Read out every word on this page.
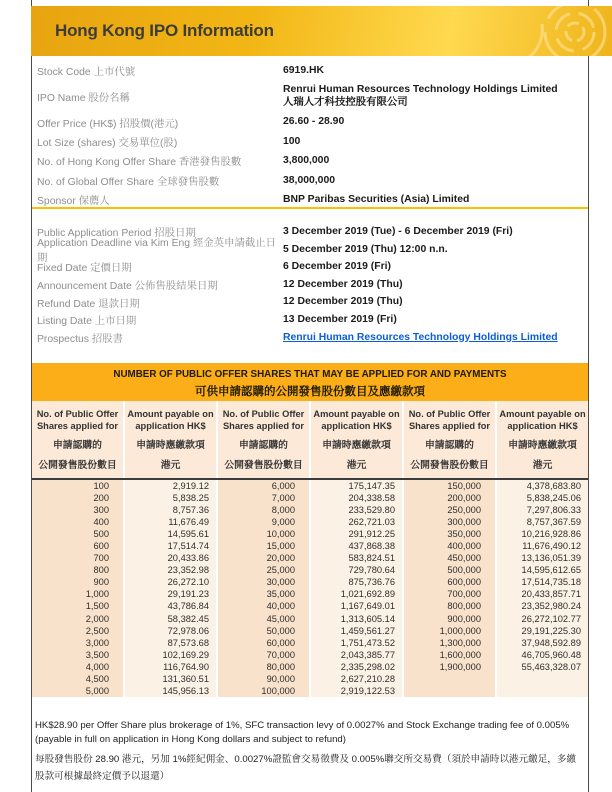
Hong Kong IPO Information
Stock Code 上市代號	6919.HK
IPO Name 股份名稱
Renrui Human Resources Technology Holdings Limited
人瑞人才科技控股有限公司
Offer Price (HK$) 招股價(港元)	26.60 - 28.90
Lot Size (shares) 交易單位(股)	100
No. of Hong Kong Offer Share 香港發售股數	3,800,000
No. of Global Offer Share 全球發售股數	38,000,000
Sponsor 保薦人	BNP Paribas Securities (Asia) Limited
Public Application Period 招股日期	3 December 2019 (Tue) - 6 December 2019 (Fri)
Application Deadline via Kim Eng 經金英申請截止日期
5 December 2019 (Thu) 12:00 n.n.
Fixed Date 定價日期	6 December 2019 (Fri)
Announcement Date 公佈售股結果日期	12 December 2019 (Thu)
Refund Date 退款日期	12 December 2019 (Thu)
Listing Date 上市日期	13 December 2019 (Fri)
Prospectus 招股書	Renrui Human Resources Technology Holdings Limited
NUMBER OF PUBLIC OFFER SHARES THAT MAY BE APPLIED FOR AND PAYMENTS
可供申請認購的公開發售股份數目及應繳款項
No. of Public Offer
Shares applied for
申請認購的
公開發售股份數目
Amount payable on
application HK$
申請時應繳款項
港元
No. of Public Offer
Shares applied for
申請認購的
公開發售股份數目
Amount payable on
application HK$
申請時應繳款項
港元
No. of Public Offer
Shares applied for
申請認購的
公開發售股份數目
Amount payable on
application HK$
申請時應繳款項
港元
100	2,919.12	6,000	175,147.35	150,000	4,378,683.80
200	5,838.25	7,000	204,338.58	200,000	5,838,245.06
300	8,757.36	8,000	233,529.80	250,000	7,297,806.33
400	11,676.49	9,000	262,721.03	300,000	8,757,367.59
500	14,595.61	10,000	291,912.25	350,000	10,216,928.86
600	17,514.74	15,000	437,868.38	400,000	11,676,490.12
700	20,433.86	20,000	583,824.51	450,000	13,136,051.39
800	23,352.98	25,000	729,780.64	500,000	14,595,612.65
900	26,272.10	30,000	875,736.76	600,000	17,514,735.18
1,000	29,191.23	35,000	1,021,692.89	700,000	20,433,857.71
1,500	43,786.84	40,000	1,167,649.01	800,000	23,352,980.24
2,000	58,382.45	45,000	1,313,605.14	900,000	26,272,102.77
2,500	72,978.06	50,000	1,459,561.27	1,000,000	29,191,225.30
3,000	87,573.68	60,000	1,751,473.52	1,300,000	37,948,592.89
3,500	102,169.29	70,000	2,043,385.77	1,600,000	46,705,960.48
4,000	116,764.90	80,000	2,335,298.02	1,900,000	55,463,328.07
4,500	131,360.51	90,000	2,627,210.28
5,000	145,956.13	100,000	2,919,122.53
HK$28.90 per Offer Share plus brokerage of 1%, SFC transaction levy of 0.0027% and Stock Exchange trading fee of 0.005% (payable in full on application in Hong Kong dollars and subject to refund)
每股發售股份 28.90 港元，另加 1%經紀佣金、0.0027%證監會交易徵費及 0.005%聯交所交易費（須於申請時以港元繳足，多繳股款可根據最終定價予以退還）
